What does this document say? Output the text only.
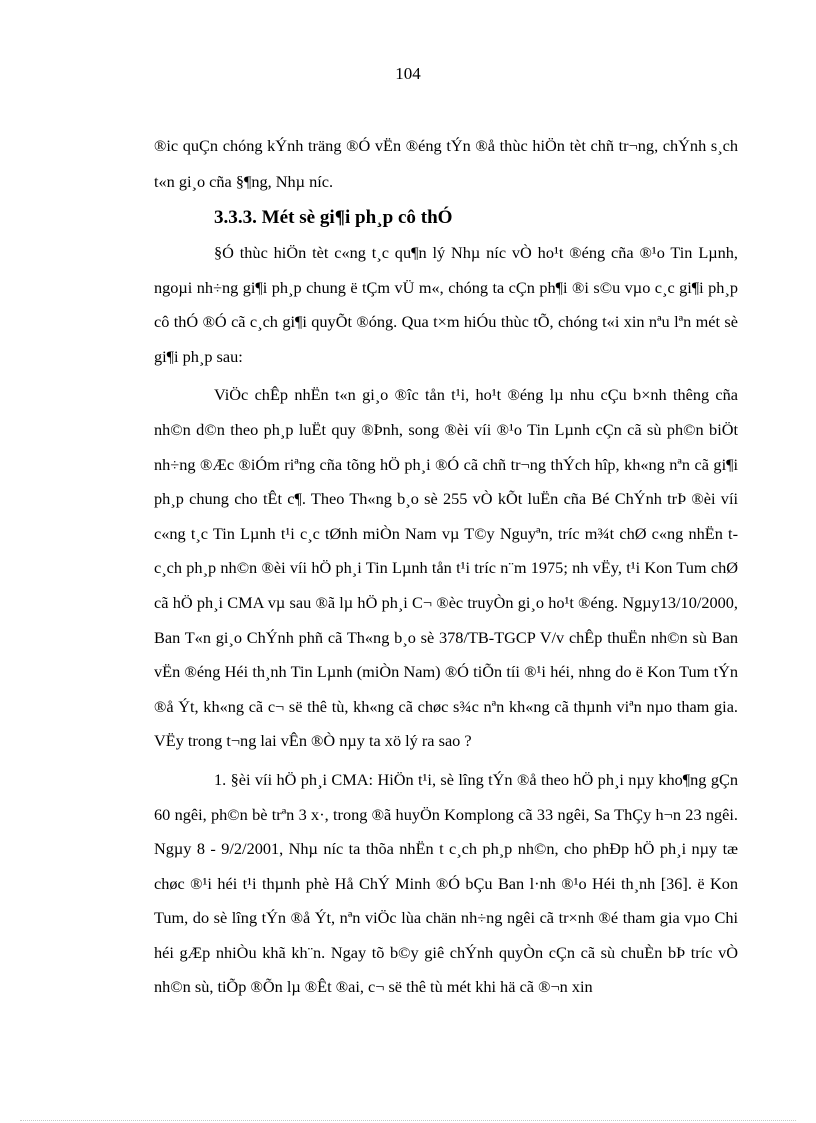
104

®ic quÇn chóng kÝnh träng ®Ó vËn ®éng tÝn ®å thùc hiÖn tèt chñ tr¬ng, chÝnh s¸ch t«n gi¸o cña §¶ng, Nhµ níc.

3.3.3. Mét sè gi¶i ph¸p cô thÓ

§Ó thùc hiÖn tèt c«ng t¸c qu¶n lý Nhµ níc vÒ ho¹t ®éng cña ®¹o Tin Lµnh, ngoµi nh÷ng gi¶i ph¸p chung ë tÇm vÜ m«, chóng ta cÇn ph¶i ®i s©u vµo c¸c gi¶i ph¸p cô thÓ ®Ó cã c¸ch gi¶i quyÕt ®óng. Qua t×m hiÓu thùc tÕ, chóng t«i xin nªu lªn mét sè gi¶i ph¸p sau:

ViÖc chÊp nhËn t«n gi¸o ®îc tån t¹i, ho¹t ®éng lµ nhu cÇu b×nh thêng cña nh©n d©n theo ph¸p luËt quy ®Þnh, song ®èi víi ®¹o Tin Lµnh cÇn cã sù ph©n biÖt nh÷ng ®Æc ®iÓm riªng cña tõng hÖ ph¸i ®Ó cã chñ tr¬ng thÝch hîp, kh«ng nªn cã gi¶i ph¸p chung cho tÊt c¶. Theo Th«ng b¸o sè 255 vÒ kÕt luËn cña Bé ChÝnh trÞ ®èi víi c«ng t¸c Tin Lµnh t¹i c¸c tØnh miÒn Nam vµ T©y Nguyªn, tríc m¾t chØ c«ng nhËn t c¸ch ph¸p nh©n ®èi víi hÖ ph¸i Tin Lµnh tån t¹i tríc n¨m 1975; nh vËy, t¹i Kon Tum chØ cã hÖ ph¸i CMA vµ sau ®ã lµ hÖ ph¸i C¬ ®èc truyÒn gi¸o ho¹t ®éng. Ngµy13/10/2000, Ban T«n gi¸o ChÝnh phñ cã Th«ng b¸o sè 378/TB-TGCP V/v chÊp thuËn nh©n sù Ban vËn ®éng Héi th¸nh Tin Lµnh (miÒn Nam) ®Ó tiÕn tíi ®¹i héi, nhng do ë Kon Tum tÝn ®å Ýt, kh«ng cã c¬ së thê tù, kh«ng cã chøc s¾c nªn kh«ng cã thµnh viªn nµo tham gia. VËy trong t¬ng lai vÊn ®Ò nµy ta xö lý ra sao ?

1. §èi víi hÖ ph¸i CMA: HiÖn t¹i, sè lîng tÝn ®å theo hÖ ph¸i nµy kho¶ng gÇn 60 ngêi, ph©n bè trªn 3 x·, trong ®ã huyÖn Komplong cã 33 ngêi, Sa ThÇy h¬n 23 ngêi. Ngµy 8 - 9/2/2001, Nhµ níc ta thõa nhËn t c¸ch ph¸p nh©n, cho phÐp hÖ ph¸i nµy tæ chøc ®¹i héi t¹i thµnh phè Hå ChÝ Minh ®Ó bÇu Ban l·nh ®¹o Héi th¸nh [36]. ë Kon Tum, do sè lîng tÝn ®å Ýt, nªn viÖc lùa chän nh÷ng ngêi cã tr×nh ®é tham gia vµo Chi héi gÆp nhiÒu khã kh¨n. Ngay tõ b©y giê chÝnh quyÒn cÇn cã sù chuÈn bÞ tríc vÒ nh©n sù, tiÕp ®Õn lµ ®Êt ®ai, c¬ së thê tù mét khi hä cã ®¬n xin
